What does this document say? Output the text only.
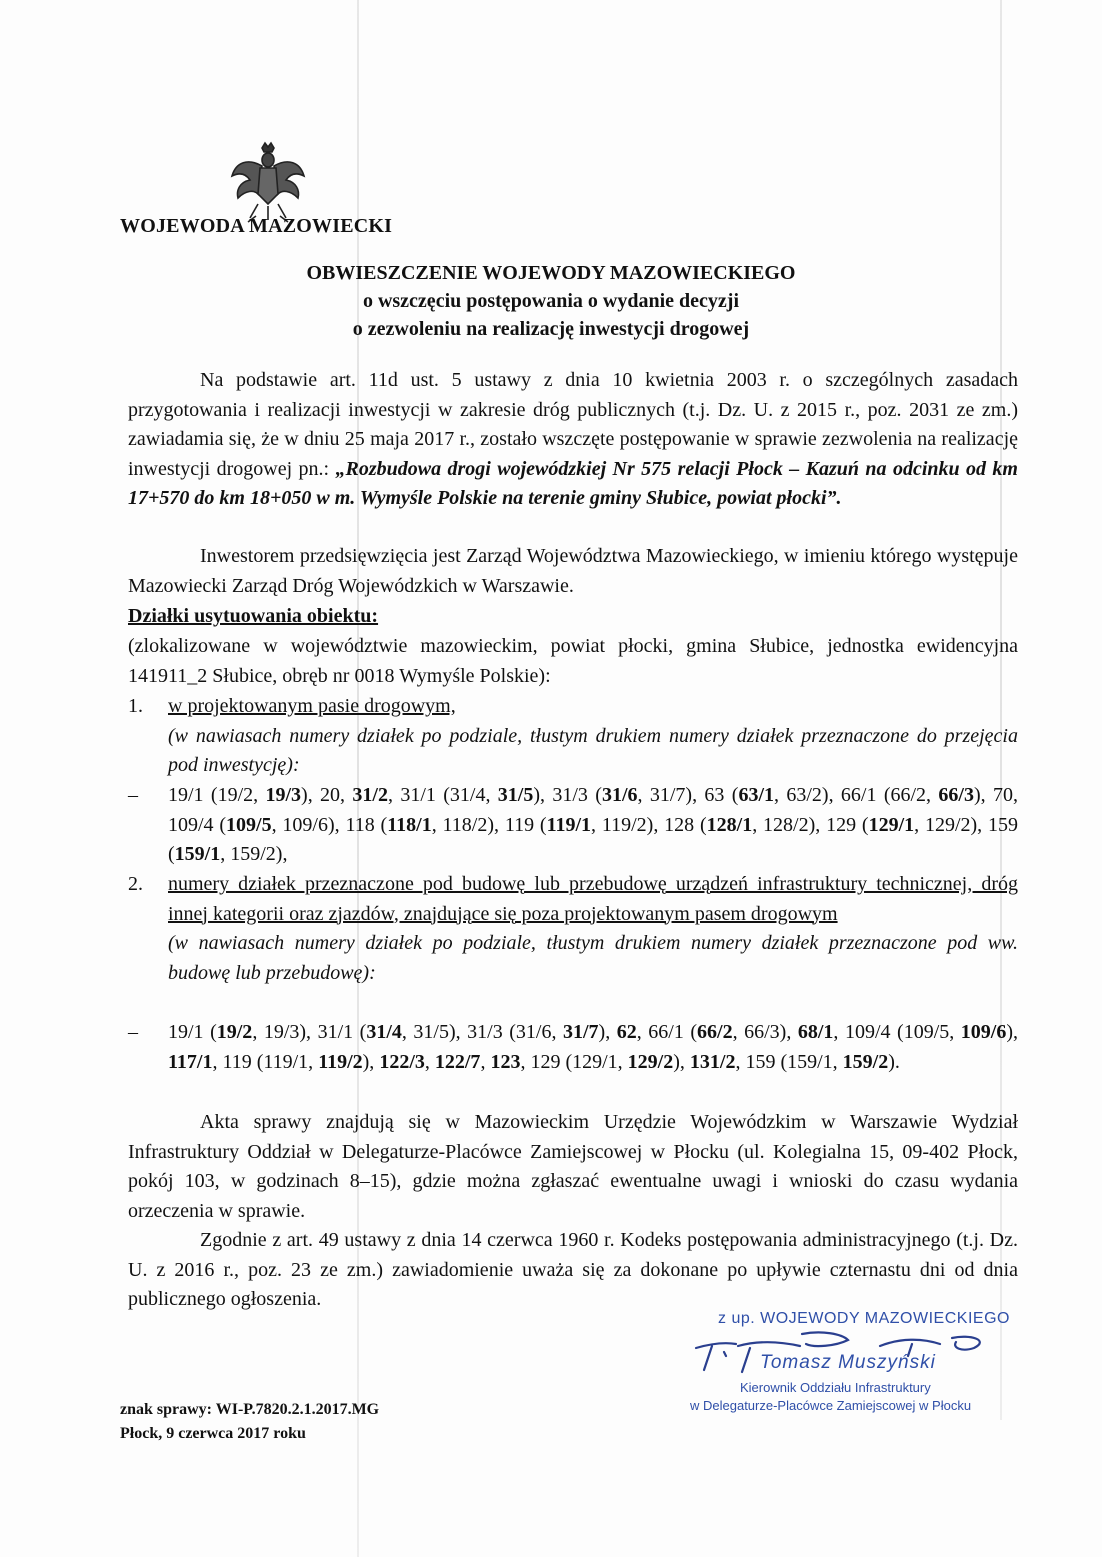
WOJEWODA MAZOWIECKI
OBWIESZCZENIE WOJEWODY MAZOWIECKIEGO
o wszczęciu postępowania o wydanie decyzji
o zezwoleniu na realizację inwestycji drogowej
Na podstawie art. 11d ust. 5 ustawy z dnia 10 kwietnia 2003 r. o szczególnych zasadach przygotowania i realizacji inwestycji w zakresie dróg publicznych (t.j. Dz. U. z 2015 r., poz. 2031 ze zm.) zawiadamia się, że w dniu 25 maja 2017 r., zostało wszczęte postępowanie w sprawie zezwolenia na realizację inwestycji drogowej pn.: „Rozbudowa drogi wojewódzkiej Nr 575 relacji Płock – Kazuń na odcinku od km 17+570 do km 18+050 w m. Wymyśle Polskie na terenie gminy Słubice, powiat płocki”.
Inwestorem przedsięwzięcia jest Zarząd Województwa Mazowieckiego, w imieniu którego występuje Mazowiecki Zarząd Dróg Wojewódzkich w Warszawie.
Działki usytuowania obiektu:
(zlokalizowane w województwie mazowieckim, powiat płocki, gmina Słubice, jednostka ewidencyjna 141911_2 Słubice, obręb nr 0018 Wymyśle Polskie):
1. w projektowanym pasie drogowym,
(w nawiasach numery działek po podziale, tłustym drukiem numery działek przeznaczone do przejęcia pod inwestycję):
– 19/1 (19/2, 19/3), 20, 31/2, 31/1 (31/4, 31/5), 31/3 (31/6, 31/7), 63 (63/1, 63/2), 66/1 (66/2, 66/3), 70, 109/4 (109/5, 109/6), 118 (118/1, 118/2), 119 (119/1, 119/2), 128 (128/1, 128/2), 129 (129/1, 129/2), 159 (159/1, 159/2),
2. numery działek przeznaczone pod budowę lub przebudowę urządzeń infrastruktury technicznej, dróg innej kategorii oraz zjazdów, znajdujące się poza projektowanym pasem drogowym
(w nawiasach numery działek po podziale, tłustym drukiem numery działek przeznaczone pod ww. budowę lub przebudowę):
– 19/1 (19/2, 19/3), 31/1 (31/4, 31/5), 31/3 (31/6, 31/7), 62, 66/1 (66/2, 66/3), 68/1, 109/4 (109/5, 109/6), 117/1, 119 (119/1, 119/2), 122/3, 122/7, 123, 129 (129/1, 129/2), 131/2, 159 (159/1, 159/2).
Akta sprawy znajdują się w Mazowieckim Urzędzie Wojewódzkim w Warszawie Wydział Infrastruktury Oddział w Delegaturze-Placówce Zamiejscowej w Płocku (ul. Kolegialna 15, 09-402 Płock, pokój 103, w godzinach 8–15), gdzie można zgłaszać ewentualne uwagi i wnioski do czasu wydania orzeczenia w sprawie.
Zgodnie z art. 49 ustawy z dnia 14 czerwca 1960 r. Kodeks postępowania administracyjnego (t.j. Dz. U. z 2016 r., poz. 23 ze zm.) zawiadomienie uważa się za dokonane po upływie czternastu dni od dnia publicznego ogłoszenia.
z up. WOJEWODY MAZOWIECKIEGO
Tomasz Muszyński
Kierownik Oddziału Infrastruktury
w Delegaturze-Placówce Zamiejscowej w Płocku
znak sprawy: WI-P.7820.2.1.2017.MG
Płock, 9 czerwca 2017 roku
